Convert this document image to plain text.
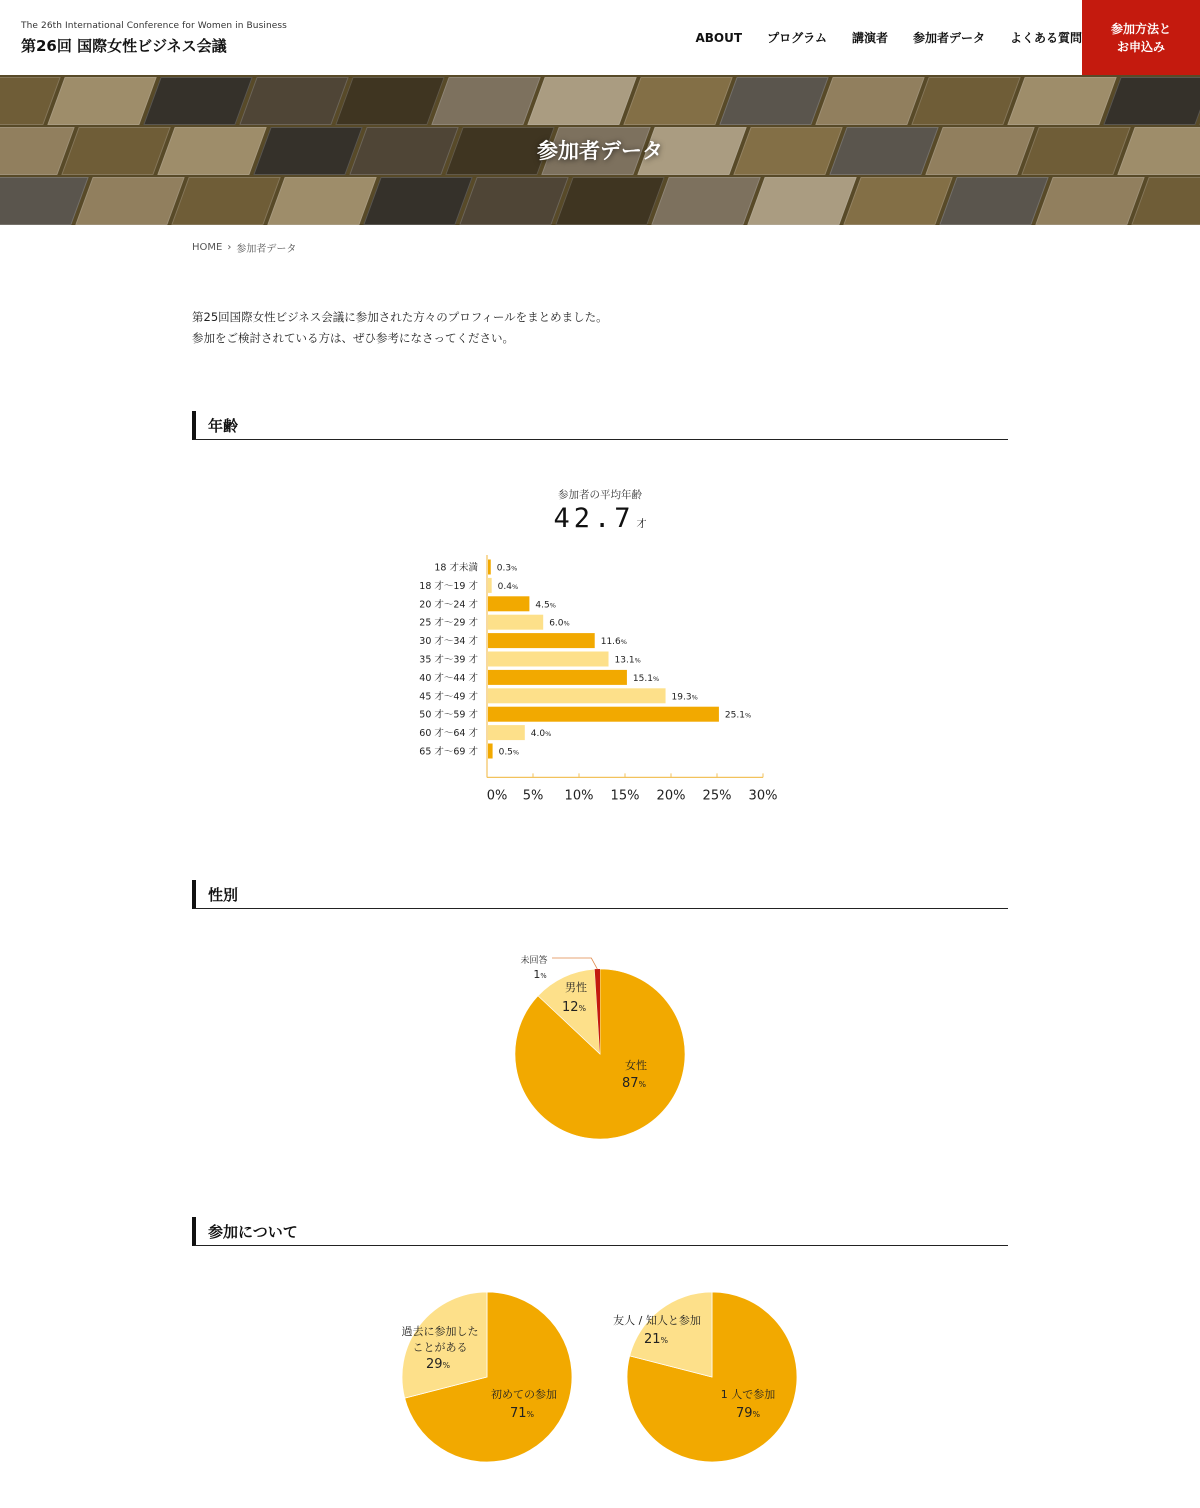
The 26th International Conference for Women in Business
第26回 国際女性ビジネス会議	ABOUT プログラム 講演者 参加者データ よくある質問
参加方法と
お申込み
参加者データ
HOME › 参加者データ

第25回国際女性ビジネス会議に参加された方々のプロフィールをまとめました。

参加をご検討されている方は、ぜひ参考になさってください。

年齢
参加者の平均年齢
42.7 才
18 才未満 0.3%
18 才〜19 才 0.4%
20 才〜24 才	4.5%
25 才〜29 才	6.0%
30 才〜34 才	11.6%
35 才〜39 才	13.1%
40 才〜44 才	15.1%
45 才〜49 才	19.3%
50 才〜59 才	25.1%
60 才〜64 才	4.0%
65 才〜69 才 0.5%
0% 5% 10% 15% 20% 25% 30%
性別
女性
87%
男性
12%
未回答
1%
参加について
初めての参加
71%
過去に参加した
ことがある
29%
1 人で参加
79%
友人 / 知人と参加
21%
